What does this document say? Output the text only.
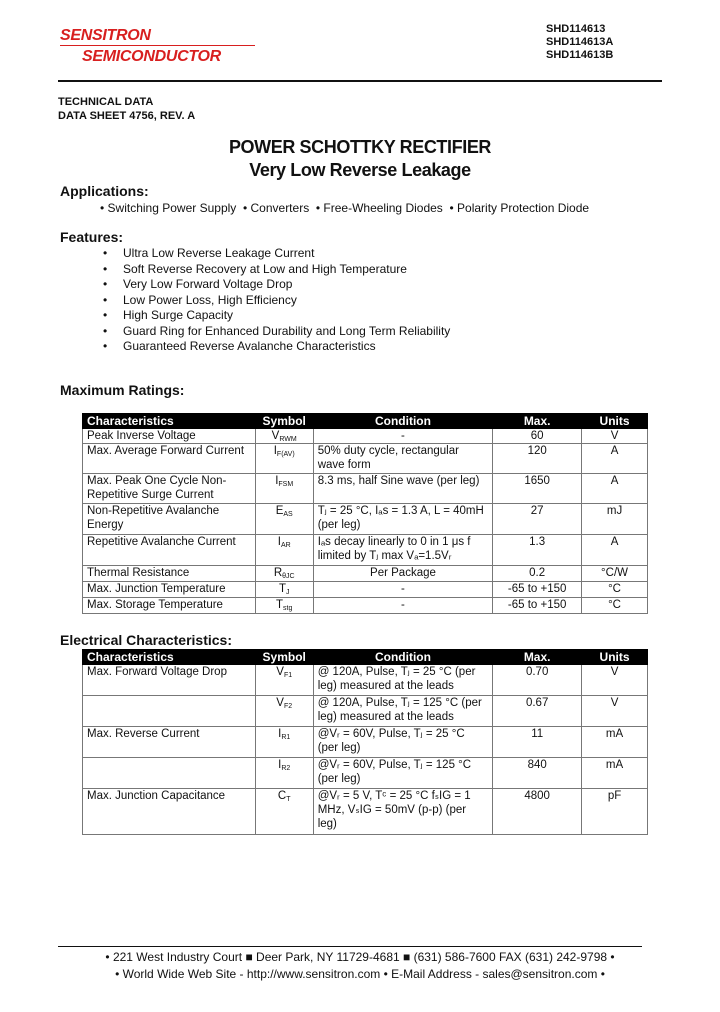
SENSITRON
SEMICONDUCTOR
SHD114613
SHD114613A
SHD114613B
TECHNICAL DATA
DATA SHEET 4756, REV. A
POWER SCHOTTKY RECTIFIER
Very Low Reverse Leakage
Applications:
• Switching Power Supply  • Converters  • Free-Wheeling Diodes  • Polarity Protection Diode
Features:
• Ultra Low Reverse Leakage Current
• Soft Reverse Recovery at Low and High Temperature
• Very Low Forward Voltage Drop
• Low Power Loss, High Efficiency
• High Surge Capacity
• Guard Ring for Enhanced Durability and Long Term Reliability
• Guaranteed Reverse Avalanche Characteristics
Maximum Ratings:
Characteristics	Symbol	Condition	Max.	Units
Peak Inverse Voltage	$V_{RWM}$	-	60	V
Max. Average Forward Current	$I_{F(AV)}$	50% duty cycle, rectangular wave form	120	A
Max. Peak One Cycle Non-Repetitive Surge Current	$I_{FSM}$	8.3 ms, half Sine wave (per leg)	1650	A
Non-Repetitive Avalanche Energy	$E_{AS}$	Tⱼ = 25 °C, Iₐs = 1.3 A, L = 40mH (per leg)	27	mJ
Repetitive Avalanche Current	$I_{AR}$	Iₐs decay linearly to 0 in 1 μs f limited by Tⱼ max Vₐ=1.5Vᵣ	1.3	A
Thermal Resistance	$R_{\theta JC}$	Per Package	0.2	°C/W
Max. Junction Temperature	$T_J$	-	-65 to +150	°C
Max. Storage Temperature	$T_{stg}$	-	-65 to +150	°C
Electrical Characteristics:
Characteristics	Symbol	Condition	Max.	Units
Max. Forward Voltage Drop	$V_{F1}$	@ 120A, Pulse, Tⱼ = 25 °C (per leg) measured at the leads	0.70	V
	$V_{F2}$	@ 120A, Pulse, Tⱼ = 125 °C (per leg) measured at the leads	0.67	V
Max. Reverse Current	$I_{R1}$	@Vᵣ = 60V, Pulse, Tⱼ = 25 °C (per leg)	11	mA
	$I_{R2}$	@Vᵣ = 60V, Pulse, Tⱼ = 125 °C (per leg)	840	mA
Max. Junction Capacitance	$C_T$	@Vᵣ = 5 V, Tᶜ = 25 °C fₛIG = 1 MHz, VₛIG = 50mV (p-p) (per leg)	4800	pF
• 221 West Industry Court ■ Deer Park, NY 11729-4681 ■ (631) 586-7600 FAX (631) 242-9798 •
• World Wide Web Site - http://www.sensitron.com • E-Mail Address - sales@sensitron.com •
